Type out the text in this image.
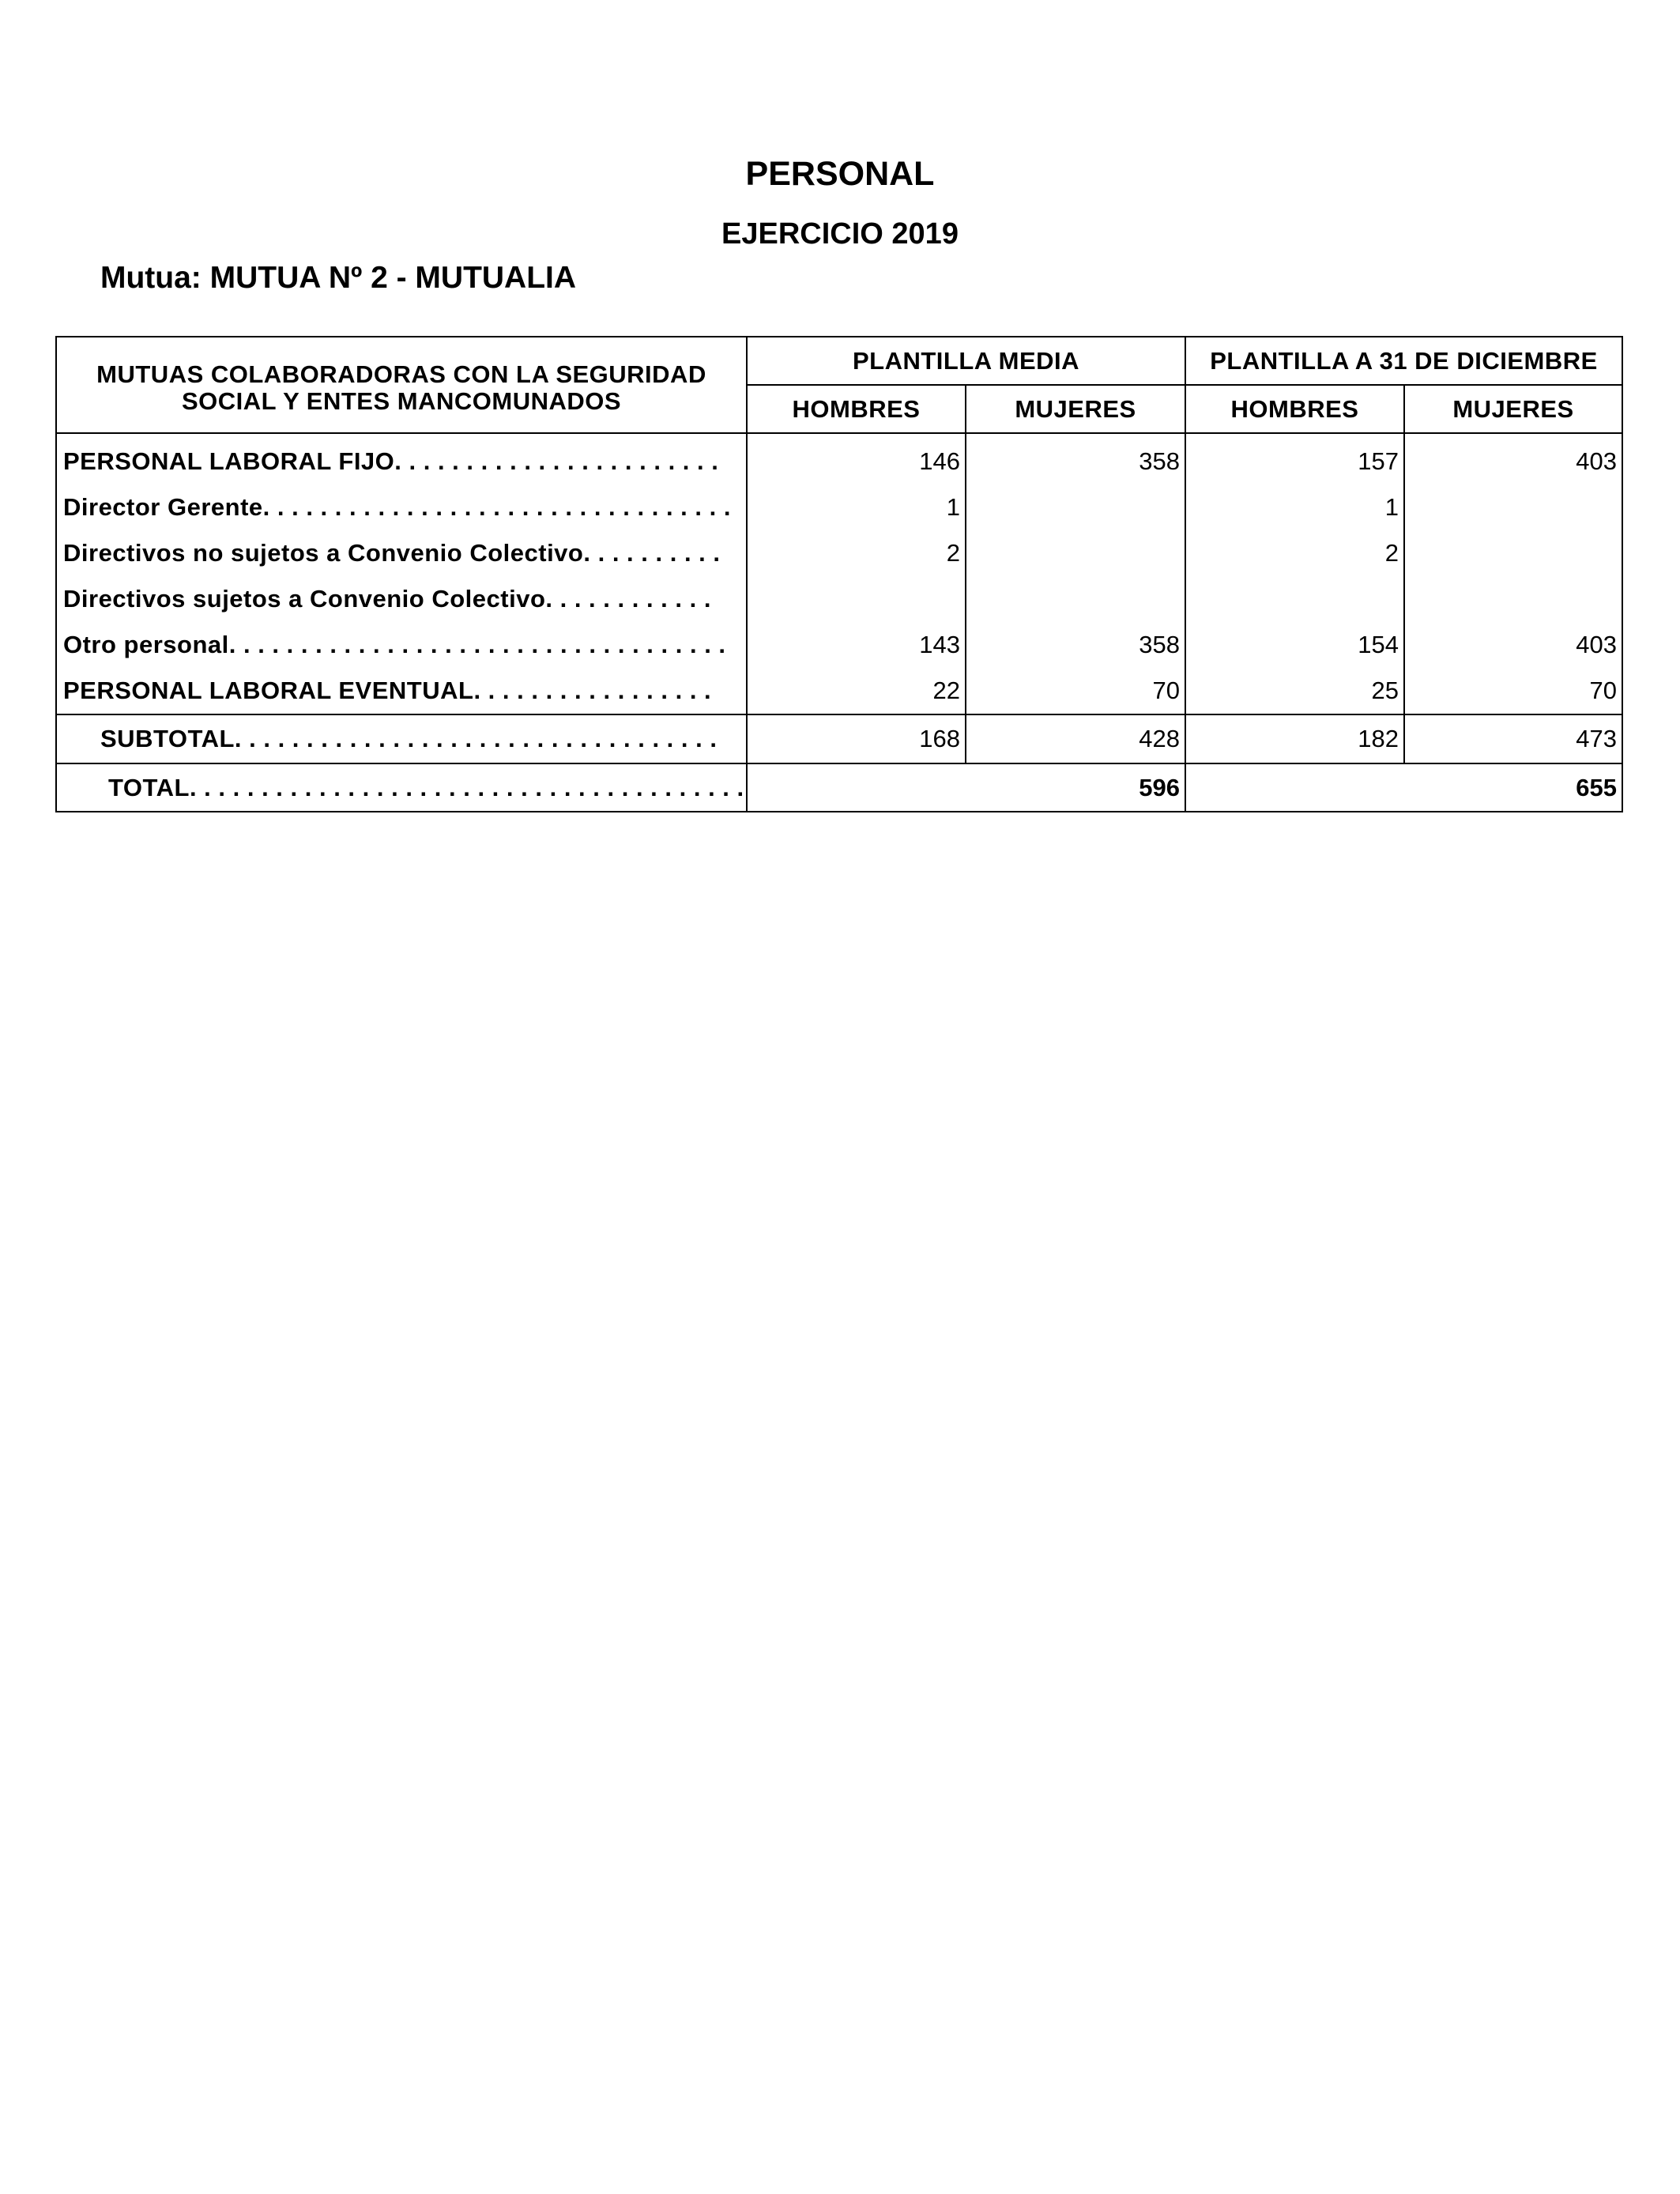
PERSONAL
EJERCICIO 2019
Mutua: MUTUA Nº 2 - MUTUALIA
MUTUAS COLABORADORAS CON LA SEGURIDAD SOCIAL Y ENTES MANCOMUNADOS	PLANTILLA MEDIA		PLANTILLA A 31 DE DICIEMBRE	
	HOMBRES	MUJERES	HOMBRES	MUJERES
PERSONAL LABORAL FIJO. . . . . . . . . . . . . . . . . . . . . . .	146	358	157	403
Director Gerente. . . . . . . . . . . . . . . . . . . . . . . . . . . . . . . . .	1		1	
Directivos no sujetos a Convenio Colectivo. . . . . . . . . .	2		2	
Directivos sujetos a Convenio Colectivo. . . . . . . . . . . .				
Otro personal. . . . . . . . . . . . . . . . . . . . . . . . . . . . . . . . . . .	143	358	154	403
PERSONAL LABORAL EVENTUAL. . . . . . . . . . . . . . . . .	22	70	25	70
SUBTOTAL. . . . . . . . . . . . . . . . . . . . . . . . . . . . . . . . . .	168	428	182	473
TOTAL. . . . . . . . . . . . . . . . . . . . . . . . . . . . . . . . . . . . . . .	596		655	
